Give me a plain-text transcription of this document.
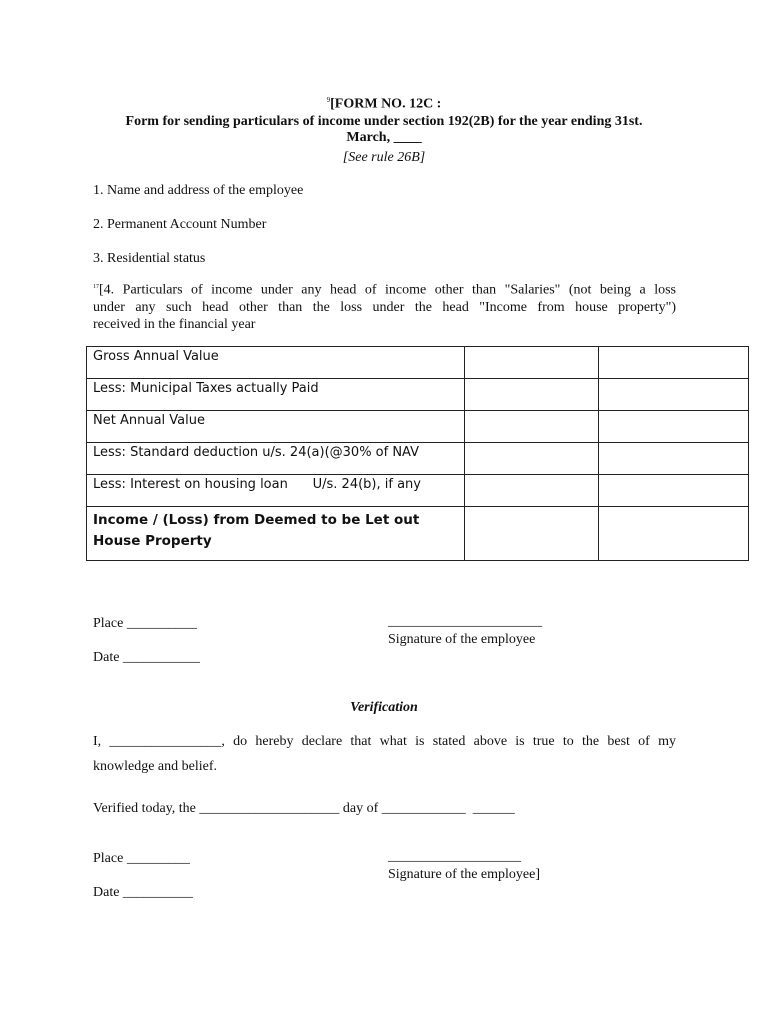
$^9$[FORM NO. 12C :
Form for sending particulars of income under section 192(2B) for the year ending 31st.
March, ____
[See rule 26B]
1. Name and address of the employee
2. Permanent Account Number
3. Residential status
$^{17}$[4. Particulars of income under any head of income other than "Salaries" (not being a loss
under any such head other than the loss under the head "Income from house property")
received in the financial year
Gross Annual Value		
Less: Municipal Taxes actually Paid		
Net Annual Value		
Less: Standard deduction u/s. 24(a)(@30% of NAV		
Less: Interest on housing loan      U/s. 24(b), if any		

Income / (Loss) from Deemed to be Let out
House Property		

Place __________	______________________
Signature of the employee
Date ___________
Verification
I, ________________, do hereby declare that what is stated above is true to the best of my
knowledge and belief.
Verified today, the ____________________ day of ____________  ______
Place _________	___________________
Signature of the employee]
Date __________
